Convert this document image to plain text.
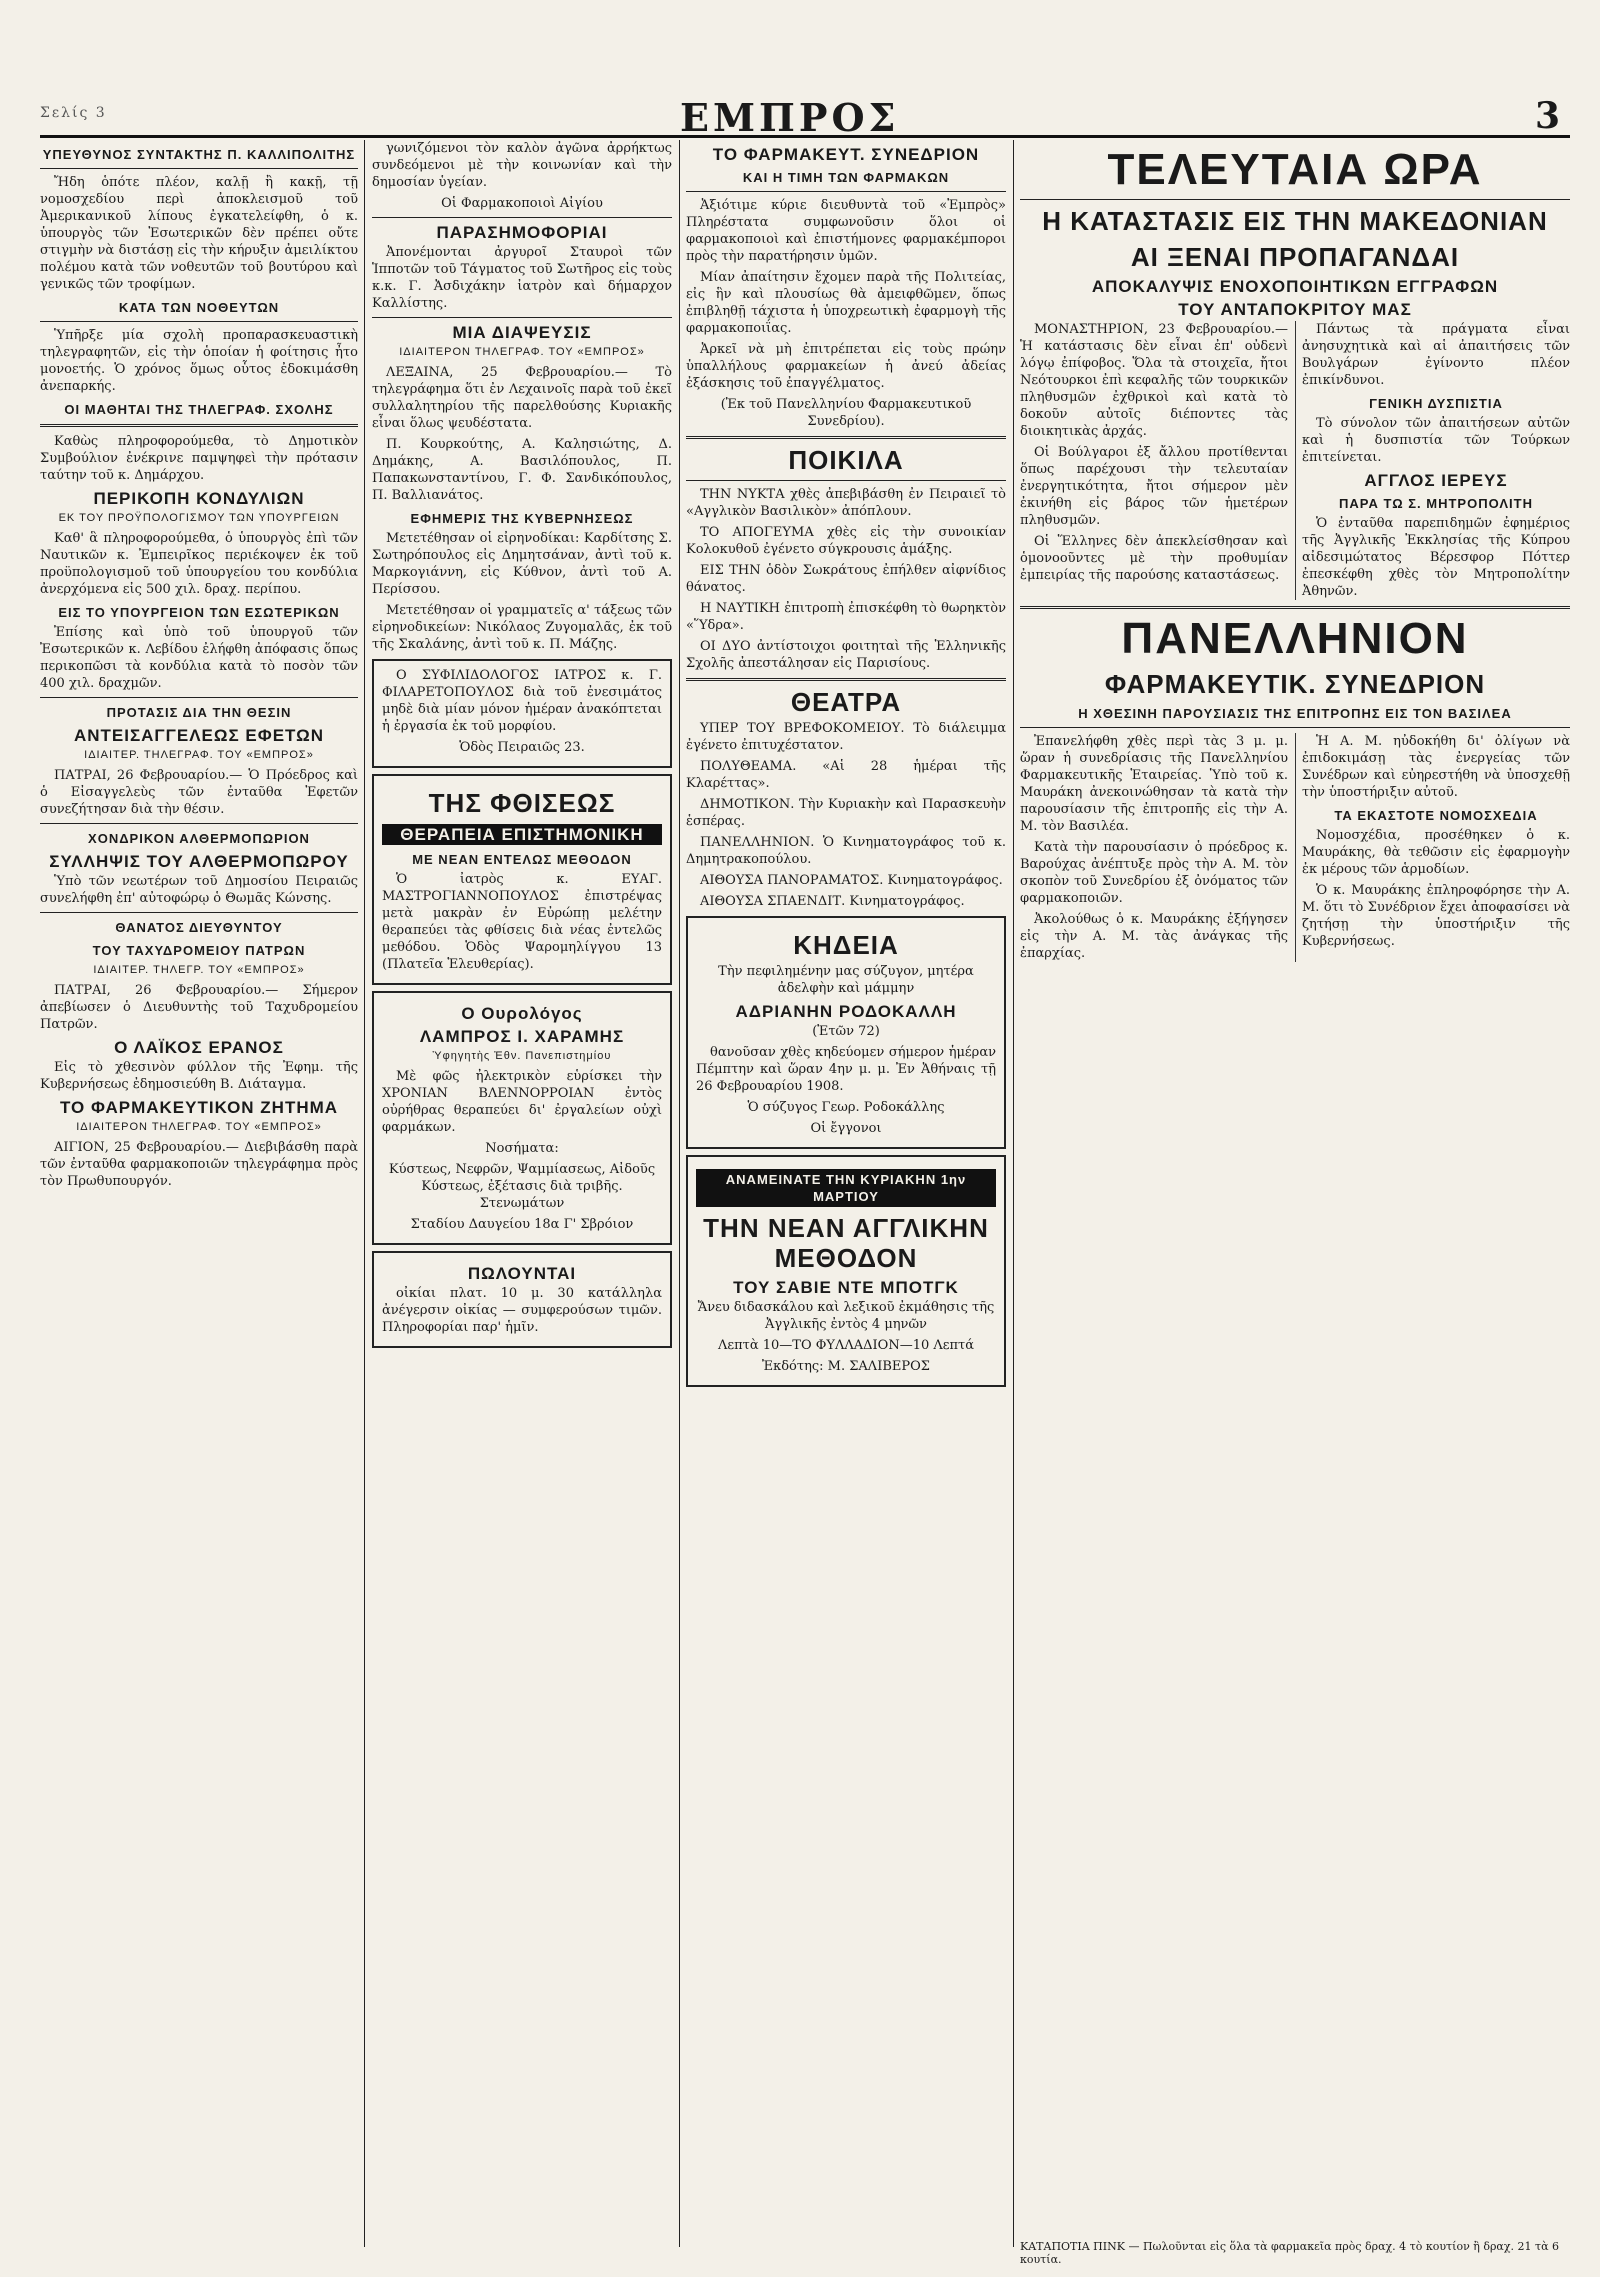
Σελίς 3	ΕΜΠΡΟΣ	3
ΥΠΕΥΘΥΝΟΣ ΣΥΝΤΑΚΤΗΣ Π. ΚΑΛΛΙΠΟΛΙΤΗΣ

Ἤδη ὁπότε πλέον, καλῇ ἢ κακῇ, τῇ νομοσχεδίου περὶ ἀποκλεισμοῦ τοῦ Ἀμερικανικοῦ λίπους ἐγκατελείφθη, ὁ κ. ὑπουργὸς τῶν Ἐσωτερικῶν δὲν πρέπει οὔτε στιγμὴν νὰ διστάσῃ εἰς τὴν κήρυξιν ἀμειλίκτου πολέμου κατὰ τῶν νοθευτῶν τοῦ βουτύρου καὶ γενικῶς τῶν τροφίμων.

ΚΑΤΑ ΤΩΝ ΝΟΘΕΥΤΩΝ

Ὑπῆρξε μία σχολὴ προπαρασκευαστικὴ τηλεγραφητῶν, εἰς τὴν ὁποίαν ἡ φοίτησις ἦτο μονοετής. Ὁ χρόνος ὅμως οὗτος ἐδοκιμάσθη ἀνεπαρκής.

ΟΙ ΜΑΘΗΤΑΙ ΤΗΣ ΤΗΛΕΓΡΑΦ. ΣΧΟΛΗΣ

Καθὼς πληροφορούμεθα, τὸ Δημοτικὸν Συμβούλιον ἐνέκρινε παμψηφεὶ τὴν πρότασιν ταύτην τοῦ κ. Δημάρχου.

ΠΕΡΙΚΟΠΗ ΚΟΝΔΥΛΙΩΝ
ΕΚ ΤΟΥ ΠΡΟΫΠΟΛΟΓΙΣΜΟΥ ΤΩΝ ΥΠΟΥΡΓΕΙΩΝ

Καθ' ἃ πληροφορούμεθα, ὁ ὑπουργὸς ἐπὶ τῶν Ναυτικῶν κ. Ἐμπειρῖκος περιέκοψεν ἐκ τοῦ προϋπολογισμοῦ τοῦ ὑπουργείου του κονδύλια ἀνερχόμενα εἰς 500 χιλ. δραχ. περίπου.

ΕΙΣ ΤΟ ΥΠΟΥΡΓΕΙΟΝ ΤΩΝ ΕΣΩΤΕΡΙΚΩΝ

Ἐπίσης καὶ ὑπὸ τοῦ ὑπουργοῦ τῶν Ἐσωτερικῶν κ. Λεβίδου ἐλήφθη ἀπόφασις ὅπως περικοπῶσι τὰ κονδύλια κατὰ τὸ ποσὸν τῶν 400 χιλ. δραχμῶν.

ΠΡΟΤΑΣΙΣ ΔΙΑ ΤΗΝ ΘΕΣΙΝ
ΑΝΤΕΙΣΑΓΓΕΛΕΩΣ ΕΦΕΤΩΝ
ΙΔΙΑΙΤΕΡ. ΤΗΛΕΓΡΑΦ. ΤΟΥ «ΕΜΠΡΟΣ»

ΠΑΤΡΑΙ, 26 Φεβρουαρίου.— Ὁ Πρόεδρος καὶ ὁ Εἰσαγγελεὺς τῶν ἐνταῦθα Ἐφετῶν συνεζήτησαν διὰ τὴν θέσιν.

ΧΟΝΔΡΙΚΟΝ ΑΛΘΕΡΜΟΠΩΡΙΟΝ
ΣΥΛΛΗΨΙΣ ΤΟΥ ΑΛΘΕΡΜΟΠΩΡΟΥ

Ὑπὸ τῶν νεωτέρων τοῦ Δημοσίου Πειραιῶς συνελήφθη ἐπ' αὐτοφώρῳ ὁ Θωμᾶς Κώνσης.

ΘΑΝΑΤΟΣ ΔΙΕΥΘΥΝΤΟΥ
ΤΟΥ ΤΑΧΥΔΡΟΜΕΙΟΥ ΠΑΤΡΩΝ
ΙΔΙΑΙΤΕΡ. ΤΗΛΕΓΡ. ΤΟΥ «ΕΜΠΡΟΣ»

ΠΑΤΡΑΙ, 26 Φεβρουαρίου.— Σήμερον ἀπεβίωσεν ὁ Διευθυντὴς τοῦ Ταχυδρομείου Πατρῶν.

Ο ΛΑΪΚΟΣ ΕΡΑΝΟΣ

Εἰς τὸ χθεσινὸν φύλλον τῆς Ἐφημ. τῆς Κυβερνήσεως ἐδημοσιεύθη Β. Διάταγμα.

ΤΟ ΦΑΡΜΑΚΕΥΤΙΚΟΝ ΖΗΤΗΜΑ
ΙΔΙΑΙΤΕΡΟΝ ΤΗΛΕΓΡΑΦ. ΤΟΥ «ΕΜΠΡΟΣ»

ΑΙΓΙΟΝ, 25 Φεβρουαρίου.— Διεβιβάσθη παρὰ τῶν ἐνταῦθα φαρμακοποιῶν τηλεγράφημα πρὸς τὸν Πρωθυπουργόν.

γωνιζόμενοι τὸν καλὸν ἀγῶνα ἀρρήκτως συνδεόμενοι μὲ τὴν κοινωνίαν καὶ τὴν δημοσίαν ὑγείαν.

Οἱ Φαρμακοποιοὶ Αἰγίου

ΠΑΡΑΣΗΜΟΦΟΡΙΑΙ

Ἀπονέμονται ἀργυροῖ Σταυροὶ τῶν Ἱπποτῶν τοῦ Τάγματος τοῦ Σωτῆρος εἰς τοὺς κ.κ. Γ. Ἀσδιχάκην ἰατρὸν καὶ δήμαρχον Καλλίστης.

ΜΙΑ ΔΙΑΨΕΥΣΙΣ
ΙΔΙΑΙΤΕΡΟΝ ΤΗΛΕΓΡΑΦ. ΤΟΥ «ΕΜΠΡΟΣ»

ΛΕΞΑΙΝΑ, 25 Φεβρουαρίου.— Τὸ τηλεγράφημα ὅτι ἐν Λεχαινοῖς παρὰ τοῦ ἐκεῖ συλλαλητηρίου τῆς παρελθούσης Κυριακῆς εἶναι ὅλως ψευδέστατα.

Π. Κουρκούτης, Α. Καλησιώτης, Δ. Δημάκης, Α. Βασιλόπουλος, Π. Παπακωνσταντίνου, Γ. Φ. Σανδικόπουλος, Π. Βαλλιανάτος.

ΕΦΗΜΕΡΙΣ ΤΗΣ ΚΥΒΕΡΝΗΣΕΩΣ

Μετετέθησαν οἱ εἰρηνοδίκαι: Καρδίτσης Σ. Σωτηρόπουλος εἰς Δημητσάναν, ἀντὶ τοῦ κ. Μαρκογιάννη, εἰς Κύθνον, ἀντὶ τοῦ Α. Περίσσου.

Μετετέθησαν οἱ γραμματεῖς α' τάξεως τῶν εἰρηνοδικείων: Νικόλαος Ζυγομαλᾶς, ἐκ τοῦ τῆς Σκαλάνης, ἀντὶ τοῦ κ. Π. Μάζης.

Ο ΣΥΦΙΛΙΔΟΛΟΓΟΣ ΙΑΤΡΟΣ κ. Γ. ΦΙΛΑΡΕΤΟΠΟΥΛΟΣ διὰ τοῦ ἐνεσιμάτος μηδὲ διὰ μίαν μόνον ἡμέραν ἀνακόπτεται ἡ ἐργασία ἐκ τοῦ μορφίου.

Ὁδὸς Πειραιῶς 23.

ΤΗΣ ΦΘΙΣΕΩΣ
ΘΕΡΑΠΕΙΑ ΕΠΙΣΤΗΜΟΝΙΚΗ
ΜΕ ΝΕΑΝ ΕΝΤΕΛΩΣ ΜΕΘΟΔΟΝ

Ὁ ἰατρὸς κ. ΕΥΑΓ. ΜΑΣΤΡΟΓΙΑΝΝΟΠΟΥΛΟΣ ἐπιστρέψας μετὰ μακρὰν ἐν Εὐρώπῃ μελέτην θεραπεύει τὰς φθίσεις διὰ νέας ἐντελῶς μεθόδου. Ὁδὸς Ψαρομηλίγγου 13 (Πλατεῖα Ἑλευθερίας).

Ο Ουρολόγος
ΛΑΜΠΡΟΣ Ι. ΧΑΡΑΜΗΣ
Ὑφηγητὴς Ἐθν. Πανεπιστημίου

Μὲ φῶς ἠλεκτρικὸν εὑρίσκει τὴν ΧΡΟΝΙΑΝ ΒΛΕΝΝΟΡΡΟΙΑΝ ἐντὸς οὐρήθρας θεραπεύει δι' ἐργαλείων οὐχὶ φαρμάκων.

Νοσήματα:

Κύστεως, Νεφρῶν, Ψαμμίασεως, Αἰδοῦς Κύστεως, ἐξέτασις διὰ τριβῆς. Στενωμάτων

Σταδίου Δαυγείου 18α Γ' Σβρόιον

ΠΩΛΟΥΝΤΑΙ

οἰκίαι πλατ. 10 μ. 30 κατάλληλα ἀνέγερσιν οἰκίας — συμφερούσων τιμῶν. Πληροφορίαι παρ' ἡμῖν.

ΤΟ ΦΑΡΜΑΚΕΥΤ. ΣΥΝΕΔΡΙΟΝ
ΚΑΙ Η ΤΙΜΗ ΤΩΝ ΦΑΡΜΑΚΩΝ

Ἀξιότιμε κύριε διευθυντὰ τοῦ «Ἐμπρὸς» Πληρέστατα συμφωνοῦσιν ὅλοι οἱ φαρμακοποιοὶ καὶ ἐπιστήμονες φαρμακέμποροι πρὸς τὴν παρατήρησιν ὑμῶν.

Μίαν ἀπαίτησιν ἔχομεν παρὰ τῆς Πολιτείας, εἰς ἣν καὶ πλουσίως θὰ ἀμειφθῶμεν, ὅπως ἐπιβληθῇ τάχιστα ἡ ὑποχρεωτικὴ ἐφαρμογὴ τῆς φαρμακοποιΐας.

Ἀρκεῖ νὰ μὴ ἐπιτρέπεται εἰς τοὺς πρώην ὑπαλλήλους φαρμακείων ἡ ἀνεύ ἀδείας ἐξάσκησις τοῦ ἐπαγγέλματος.

(Ἐκ τοῦ Πανελληνίου Φαρμακευτικοῦ Συνεδρίου).

ΠΟΙΚΙΛΑ

ΤΗΝ ΝΥΚΤΑ χθὲς ἀπεβιβάσθη ἐν Πειραιεῖ τὸ «Αγγλικὸν Βασιλικὸν» ἀπόπλουν.

ΤΟ ΑΠΟΓΕΥΜΑ χθὲς εἰς τὴν συνοικίαν Κολοκυθοῦ ἐγένετο σύγκρουσις ἁμάξης.

ΕΙΣ ΤΗΝ ὁδὸν Σωκράτους ἐπήλθεν αἰφνίδιος θάνατος.

Η ΝΑΥΤΙΚΗ ἐπιτροπὴ ἐπισκέφθη τὸ θωρηκτὸν «Ὕδρα».

ΟΙ ΔΥΟ ἀντίστοιχοι φοιτηταὶ τῆς Ἑλληνικῆς Σχολῆς ἀπεστάλησαν εἰς Παρισίους.

ΘΕΑΤΡΑ

ΥΠΕΡ ΤΟΥ ΒΡΕΦΟΚΟΜΕΙΟΥ. Τὸ διάλειμμα ἐγένετο ἐπιτυχέστατον.

ΠΟΛΥΘΕΑΜΑ. «Αἱ 28 ἡμέραι τῆς Κλαρέττας».

ΔΗΜΟΤΙΚΟΝ. Τὴν Κυριακὴν καὶ Παρασκευὴν ἑσπέρας.

ΠΑΝΕΛΛΗΝΙΟΝ. Ὁ Κινηματογράφος τοῦ κ. Δημητρακοπούλου.

ΑΙΘΟΥΣΑ ΠΑΝΟΡΑΜΑΤΟΣ. Κινηματογράφος.

ΑΙΘΟΥΣΑ ΣΠΑΕΝΔΙΤ. Κινηματογράφος.

ΚΗΔΕΙΑ

Τὴν πεφιλημένην μας σύζυγον, μητέρα ἀδελφὴν καὶ μάμμην

ΑΔΡΙΑΝΗΝ ΡΟΔΟΚΑΛΛΗ

(Ἐτῶν 72)

θανοῦσαν χθὲς κηδεύομεν σήμερον ἡμέραν Πέμπτην καὶ ὥραν 4ην μ. μ. Ἐν Ἀθήναις τῇ 26 Φεβρουαρίου 1908.

Ὁ σύζυγος Γεωρ. Ροδοκάλλης

Οἱ ἔγγονοι

ΑΝΑΜΕΙΝΑΤΕ ΤΗΝ ΚΥΡΙΑΚΗΝ 1ην ΜΑΡΤΙΟΥ
ΤΗΝ ΝΕΑΝ ΑΓΓΛΙΚΗΝ ΜΕΘΟΔΟΝ
ΤΟΥ ΣΑΒΙΕ ΝΤΕ ΜΠΟΤΓΚ

Ἄνευ διδασκάλου καὶ λεξικοῦ ἐκμάθησις τῆς Ἀγγλικῆς ἐντὸς 4 μηνῶν

Λεπτὰ 10—ΤΟ ΦΥΛΛΑΔΙΟΝ—10 Λεπτά

Ἐκδότης: Μ. ΣΑΛΙΒΕΡΟΣ

ΤΕΛΕΥΤΑΙΑ ΩΡΑ
Η ΚΑΤΑΣΤΑΣΙΣ ΕΙΣ ΤΗΝ ΜΑΚΕΔΟΝΙΑΝ
ΑΙ ΞΕΝΑΙ ΠΡΟΠΑΓΑΝΔΑΙ
ΑΠΟΚΑΛΥΨΙΣ ΕΝΟΧΟΠΟΙΗΤΙΚΩΝ ΕΓΓΡΑΦΩΝ
ΤΟΥ ΑΝΤΑΠΟΚΡΙΤΟΥ ΜΑΣ

ΜΟΝΑΣΤΗΡΙΟΝ, 23 Φεβρουαρίου.— Ἡ κατάστασις δὲν εἶναι ἐπ' οὐδενὶ λόγῳ ἐπίφοβος. Ὅλα τὰ στοιχεῖα, ἤτοι Νεότουρκοι ἐπὶ κεφαλῆς τῶν τουρκικῶν πληθυσμῶν ἐχθρικοὶ καὶ κατὰ τὸ δοκοῦν αὐτοῖς διέποντες τὰς διοικητικὰς ἀρχάς.

Οἱ Βούλγαροι ἐξ ἄλλου προτίθενται ὅπως παρέχουσι τὴν τελευταίαν ἐνεργητικότητα, ἤτοι σήμερον μὲν ἐκινήθη εἰς βάρος τῶν ἡμετέρων πληθυσμῶν.

Οἱ Ἕλληνες δὲν ἀπεκλείσθησαν καὶ ὁμονοοῦντες μὲ τὴν προθυμίαν ἐμπειρίας τῆς παρούσης καταστάσεως.

Πάντως τὰ πράγματα εἶναι ἀνησυχητικὰ καὶ αἱ ἀπαιτήσεις τῶν Βουλγάρων ἐγίνοντο πλέον ἐπικίνδυνοι.

ΓΕΝΙΚΗ ΔΥΣΠΙΣΤΙΑ

Τὸ σύνολον τῶν ἀπαιτήσεων αὐτῶν καὶ ἡ δυσπιστία τῶν Τούρκων ἐπιτείνεται.

ΑΓΓΛΟΣ ΙΕΡΕΥΣ
ΠΑΡΑ ΤΩ Σ. ΜΗΤΡΟΠΟΛΙΤΗ

Ὁ ἐνταῦθα παρεπιδημῶν ἐφημέριος τῆς Ἀγγλικῆς Ἐκκλησίας τῆς Κύπρου αἰδεσιμώτατος Βέρεσφορ Πόττερ ἐπεσκέφθη χθὲς τὸν Μητροπολίτην Ἀθηνῶν.

ΠΑΝΕΛΛΗΝΙΟΝ
ΦΑΡΜΑΚΕΥΤΙΚ. ΣΥΝΕΔΡΙΟΝ
Η ΧΘΕΣΙΝΗ ΠΑΡΟΥΣΙΑΣΙΣ ΤΗΣ ΕΠΙΤΡΟΠΗΣ ΕΙΣ ΤΟΝ ΒΑΣΙΛΕΑ

Ἐπανελήφθη χθὲς περὶ τὰς 3 μ. μ. ὥραν ἡ συνεδρίασις τῆς Πανελληνίου Φαρμακευτικῆς Ἑταιρείας. Ὑπὸ τοῦ κ. Μαυράκη ἀνεκοινώθησαν τὰ κατὰ τὴν παρουσίασιν τῆς ἐπιτροπῆς εἰς τὴν Α. Μ. τὸν Βασιλέα.

Κατὰ τὴν παρουσίασιν ὁ πρόεδρος κ. Βαρούχας ἀνέπτυξε πρὸς τὴν Α. Μ. τὸν σκοπὸν τοῦ Συνεδρίου ἐξ ὀνόματος τῶν φαρμακοποιῶν.

Ἀκολούθως ὁ κ. Μαυράκης ἐξήγησεν εἰς τὴν Α. Μ. τὰς ἀνάγκας τῆς ἐπαρχίας.

Ἡ Α. Μ. ηὐδοκήθη δι' ὀλίγων νὰ ἐπιδοκιμάσῃ τὰς ἐνεργείας τῶν Συνέδρων καὶ εὐηρεστήθη νὰ ὑποσχεθῇ τὴν ὑποστήριξιν αὐτοῦ.

ΤΑ ΕΚΑΣΤΟΤΕ ΝΟΜΟΣΧΕΔΙΑ

Νομοσχέδια, προσέθηκεν ὁ κ. Μαυράκης, θὰ τεθῶσιν εἰς ἐφαρμογὴν ἐκ μέρους τῶν ἁρμοδίων.

Ὁ κ. Μαυράκης ἐπληροφόρησε τὴν Α. Μ. ὅτι τὸ Συνέδριον ἔχει ἀποφασίσει νὰ ζητήσῃ τὴν ὑποστήριξιν τῆς Κυβερνήσεως.

ΚΑΤΑΠΟΤΙΑ ΠΙΝΚ — Πωλοῦνται εἰς ὅλα τὰ φαρμακεῖα πρὸς δραχ. 4 τὸ κουτίον ἢ δραχ. 21 τὰ 6 κουτία.
